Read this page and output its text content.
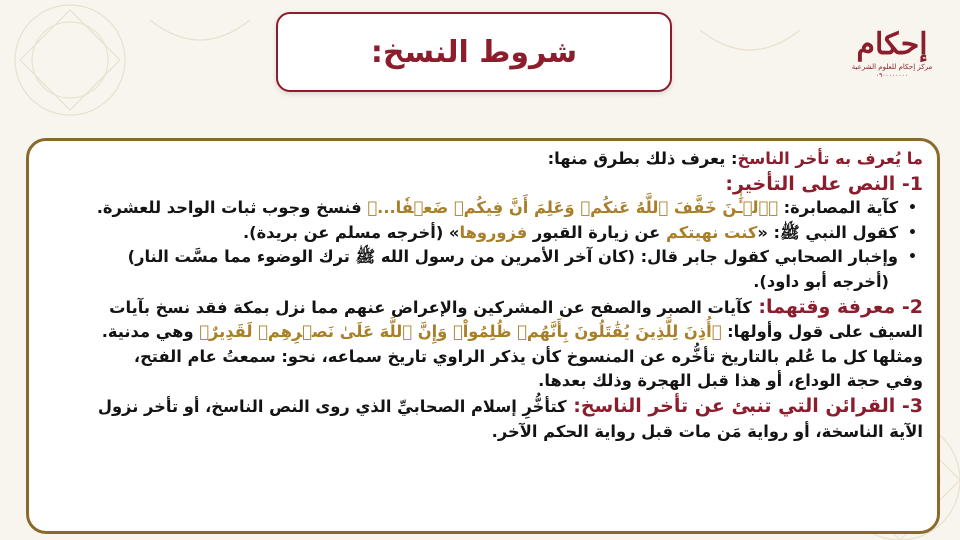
شروط النسخ:	إحكام
مركز إحكام للعلوم الشرعية
٠٩٠٠٠٠٠٠٠٠
ما يُعرف به تأخر الناسخ: يعرف ذلك بطرق منها:
1- النص على التأخير:
•
كآية المصابرة: ﴿ٱلۡـَٰٔنَ خَفَّفَ ٱللَّهُ عَنكُمۡ وَعَلِمَ أَنَّ فِيكُمۡ ضَعۡفٗا...﴾ فنسخ وجوب ثبات الواحد للعشرة.
•
كقول النبي ﷺ: «كنت نهيتكم عن زيارة القبور فزوروها» (أخرجه مسلم عن بريدة).
•
وإخبار الصحابي كقول جابر قال: (كان آخر الأمرين من رسول الله ﷺ ترك الوضوء مما مسَّت النار)
(أخرجه أبو داود).
2- معرفة وقتهما: كآيات الصبر والصفح عن المشركين والإعراض عنهم مما نزل بمكة فقد نسخ بآيات
السيف على قول وأولها: ﴿أُذِنَ لِلَّذِينَ يُقَٰتَلُونَ بِأَنَّهُمۡ ظُلِمُواْۚ وَإِنَّ ٱللَّهَ عَلَىٰ نَصۡرِهِمۡ لَقَدِيرٌ﴾ وهي مدنية.
ومثلها كل ما عُلم بالتاريخ تأخُّره عن المنسوخ كأن يذكر الراوي تاريخ سماعه، نحو: سمعتُ عام الفتح،
وفي حجة الوداع، أو هذا قبل الهجرة وذلك بعدها.
3- القرائن التي تنبئ عن تأخر الناسخ: كتأخُّرِ إسلام الصحابيِّ الذي روى النص الناسخ، أو تأخر نزول
الآية الناسخة، أو رواية مَن مات قبل رواية الحكم الآخر.
